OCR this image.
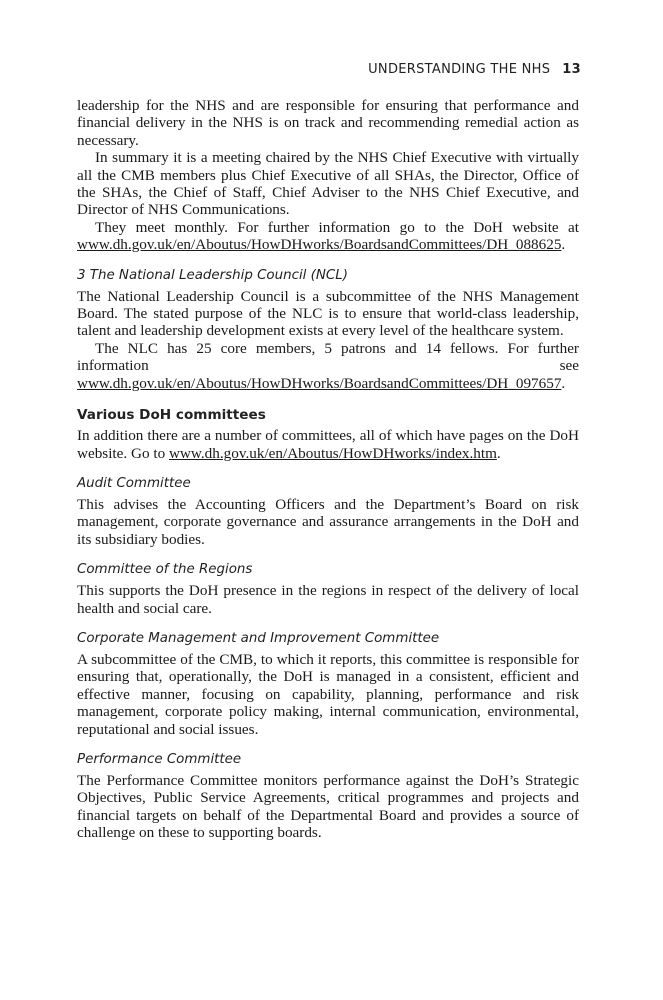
UNDERSTANDING THE NHS 13

leadership for the NHS and are responsible for ensuring that performance and financial delivery in the NHS is on track and recommending remedial action as necessary.

In summary it is a meeting chaired by the NHS Chief Executive with virtually all the CMB members plus Chief Executive of all SHAs, the Director, Office of the SHAs, the Chief of Staff, Chief Adviser to the NHS Chief Executive, and Director of NHS Communications.

They meet monthly. For further information go to the DoH website at www.dh.gov.uk/en/Aboutus/HowDHworks/BoardsandCommittees/DH_088625.

3 The National Leadership Council (NCL)

The National Leadership Council is a subcommittee of the NHS Management Board. The stated purpose of the NLC is to ensure that world-class leadership, talent and leadership development exists at every level of the healthcare system.

The NLC has 25 core members, 5 patrons and 14 fellows. For further information see www.dh.gov.uk/en/Aboutus/HowDHworks/BoardsandCommittees/DH_097657.

Various DoH committees

In addition there are a number of committees, all of which have pages on the DoH website. Go to www.dh.gov.uk/en/Aboutus/HowDHworks/index.htm.

Audit Committee

This advises the Accounting Officers and the Department’s Board on risk management, corporate governance and assurance arrangements in the DoH and its subsidiary bodies.

Committee of the Regions

This supports the DoH presence in the regions in respect of the delivery of local health and social care.

Corporate Management and Improvement Committee

A subcommittee of the CMB, to which it reports, this committee is responsible for ensuring that, operationally, the DoH is managed in a consistent, efficient and effective manner, focusing on capability, planning, performance and risk management, corporate policy making, internal communication, environmental, reputational and social issues.

Performance Committee

The Performance Committee monitors performance against the DoH’s Strategic Objectives, Public Service Agreements, critical programmes and projects and financial targets on behalf of the Departmental Board and provides a source of challenge on these to supporting boards.
